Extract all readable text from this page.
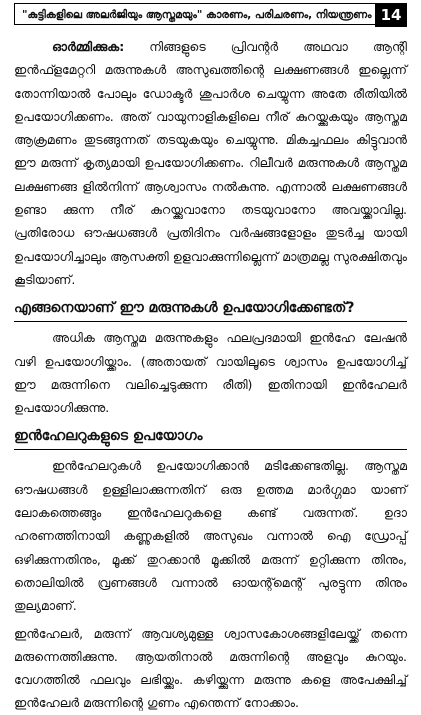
"കുട്ടികളിലെ അലർജിയും ആസ്തമയും" കാരണം, പരിചരണം, നിയന്ത്രണം 14

ഓർമ്മിക്കുക: നിങ്ങളുടെ പ്രിവന്റർ അഥവാ ആന്റി ഇൻഫ്ളമേറ്ററി മരുന്നുകൾ അസുഖത്തിന്റെ ലക്ഷണങ്ങൾ ഇല്ലെന്ന് തോന്നിയാൽ പോലും ഡോക്ടർ ശുപാർശ ചെയ്യുന്ന അതേ രീതിയിൽ ഉപയോഗിക്കണം. അത് വായുനാളികളിലെ നീര് കുറയ്ക്കുകയും ആസ്തമ ആക്രമണം തുടങ്ങുന്നത് തടയുകയും ചെയ്യുന്നു. മികച്ചഫലം കിട്ടുവാൻ ഈ മരുന്ന് കൃത്യമായി ഉപയോഗിക്കണം. റിലീവർ മരുന്നുകൾ ആസ്തമ ലക്ഷണങ്ങ ളിൽനിന്ന് ആശ്വാസം നൽകുന്നു. എന്നാൽ ലക്ഷണങ്ങൾ ഉണ്ടാ ക്കുന്ന നീര് കുറയ്ക്കുവാനോ തടയുവാനോ അവയ്ക്കാവില്ല. പ്രതിരോധ ഔഷധങ്ങൾ പ്രതിദിനം വർഷങ്ങളോളം തുടർച്ച യായി ഉപയോഗിച്ചാലും ആസക്തി ഉളവാക്കുന്നില്ലെന്ന് മാത്രമല്ല സുരക്ഷിതവും കൂടിയാണ്.

എങ്ങനെയാണ് ഈ മരുന്നുകൾ ഉപയോഗിക്കേണ്ടത്?

അധിക ആസ്തമ മരുന്നുകളും ഫലപ്രദമായി ഇൻഹേ ലേഷൻ വഴി ഉപയോഗിയ്ക്കാം. (അതായത് വായിലൂടെ ശ്വാസം ഉപയോഗിച്ച് ഈ മരുന്നിനെ വലിച്ചെടുക്കുന്ന രീതി) ഇതിനായി ഇൻഹേലർ ഉപയോഗിക്കുന്നു.

ഇൻഹേലറുകളുടെ ഉപയോഗം

ഇൻഹേലറുകൾ ഉപയോഗിക്കാൻ മടിക്കേണ്ടതില്ല. ആസ്തമ ഔഷധങ്ങൾ ഉള്ളിലാക്കുന്നതിന് ഒരു ഉത്തമ മാർഗ്ഗമാ യാണ് ലോകത്തെങ്ങും ഇൻഹേലറുകളെ കണ്ട് വരുന്നത്. ഉദാ ഹരണത്തിനായി കണ്ണുകളിൽ അസുഖം വന്നാൽ ഐ ഡ്രോപ്പ് ഒഴിക്കുന്നതിനും, മൂക്ക് തുറക്കാൻ മൂക്കിൽ മരുന്ന് ഉറ്റിക്കുന്ന തിനും, തൊലിയിൽ വ്രണങ്ങൾ വന്നാൽ ഓയന്റ്മെന്റ് പുരട്ടുന്ന തിനും തുല്യമാണ്.

ഇൻഹേലർ, മരുന്ന് ആവശ്യമുള്ള ശ്വാസകോശങ്ങളിലേയ്ക്ക് തന്നെ മരുന്നെത്തിക്കുന്നു. ആയതിനാൽ മരുന്നിന്റെ അളവും കുറയും. വേഗത്തിൽ ഫലവും ലഭിയ്ക്കും. കഴിയ്ക്കുന്ന മരുന്നു കളെ അപേക്ഷിച്ച് ഇൻഹേലർ മരുന്നിന്റെ ഗുണം എന്തെന്ന് നോക്കാം.
